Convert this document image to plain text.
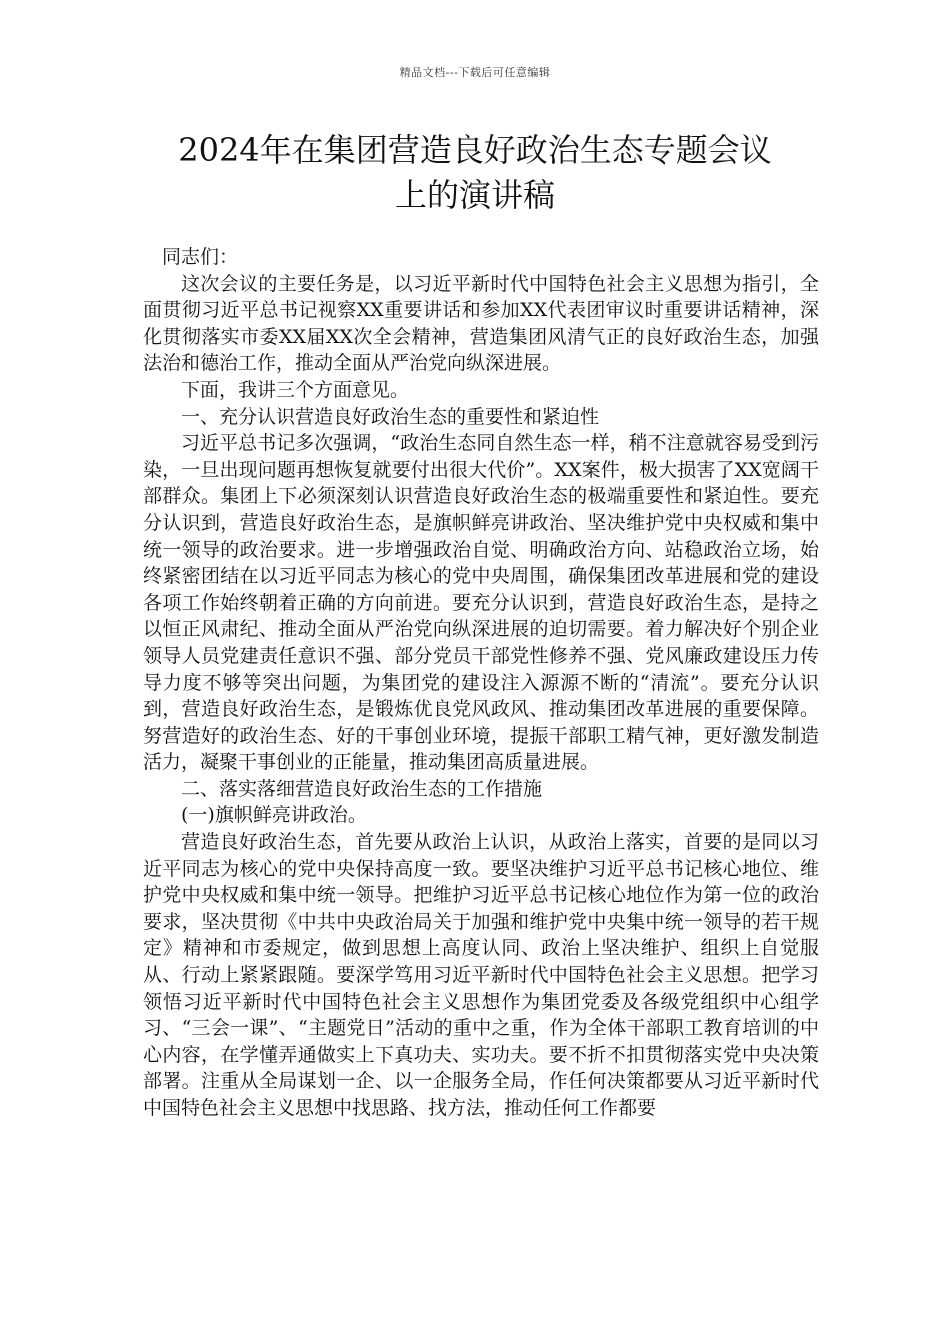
精品文档---下载后可任意编辑
2024年在集团营造良好政治生态专题会议
上的演讲稿

同志们：

这次会议的主要任务是，以习近平新时代中国特色社会主义思想为指引，全面贯彻习近平总书记视察XX重要讲话和参加XX代表团审议时重要讲话精神，深化贯彻落实市委XX届XX次全会精神，营造集团风清气正的良好政治生态，加强法治和德治工作，推动全面从严治党向纵深进展。

下面，我讲三个方面意见。

一、充分认识营造良好政治生态的重要性和紧迫性

习近平总书记多次强调，“政治生态同自然生态一样，稍不注意就容易受到污染，一旦出现问题再想恢复就要付出很大代价”。XX案件，极大损害了XX宽阔干部群众。集团上下必须深刻认识营造良好政治生态的极端重要性和紧迫性。要充分认识到，营造良好政治生态，是旗帜鲜亮讲政治、坚决维护党中央权威和集中统一领导的政治要求。进一步增强政治自觉、明确政治方向、站稳政治立场，始终紧密团结在以习近平同志为核心的党中央周围，确保集团改革进展和党的建设各项工作始终朝着正确的方向前进。要充分认识到，营造良好政治生态，是持之以恒正风肃纪、推动全面从严治党向纵深进展的迫切需要。着力解决好个别企业领导人员党建责任意识不强、部分党员干部党性修养不强、党风廉政建设压力传导力度不够等突出问题，为集团党的建设注入源源不断的“清流”。要充分认识到，营造良好政治生态，是锻炼优良党风政风、推动集团改革进展的重要保障。努营造好的政治生态、好的干事创业环境，提振干部职工精气神，更好激发制造活力，凝聚干事创业的正能量，推动集团高质量进展。

二、落实落细营造良好政治生态的工作措施

(一)旗帜鲜亮讲政治。

营造良好政治生态，首先要从政治上认识，从政治上落实，首要的是同以习近平同志为核心的党中央保持高度一致。要坚决维护习近平总书记核心地位、维护党中央权威和集中统一领导。把维护习近平总书记核心地位作为第一位的政治要求，坚决贯彻《中共中央政治局关于加强和维护党中央集中统一领导的若干规定》精神和市委规定，做到思想上高度认同、政治上坚决维护、组织上自觉服从、行动上紧紧跟随。要深学笃用习近平新时代中国特色社会主义思想。把学习领悟习近平新时代中国特色社会主义思想作为集团党委及各级党组织中心组学习、“三会一课”、“主题党日”活动的重中之重，作为全体干部职工教育培训的中心内容，在学懂弄通做实上下真功夫、实功夫。要不折不扣贯彻落实党中央决策部署。注重从全局谋划一企、以一企服务全局，作任何决策都要从习近平新时代中国特色社会主义思想中找思路、找方法，推动任何工作都要
